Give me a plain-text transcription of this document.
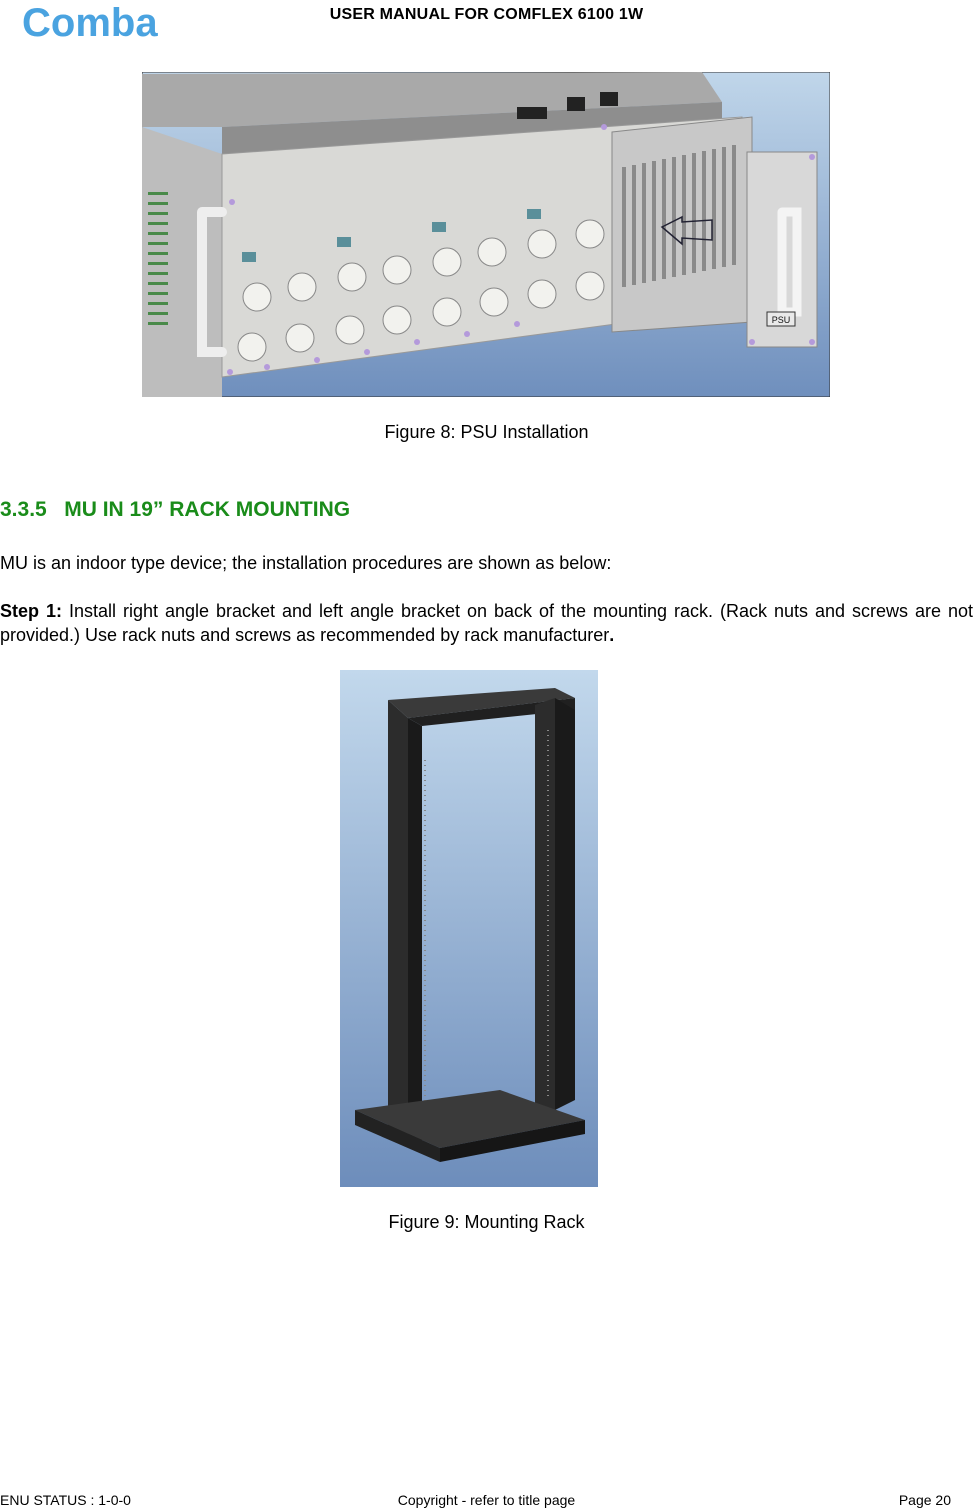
Comba	USER MANUAL FOR COMFLEX 6100 1W
PSU
Figure 8: PSU Installation
3.3.5 MU IN 19” RACK MOUNTING
MU is an indoor type device; the installation procedures are shown as below:
Step 1: Install right angle bracket and left angle bracket on back of the mounting rack. (Rack nuts and screws are not provided.) Use rack nuts and screws as recommended by rack manufacturer.
Figure 9: Mounting Rack
ENU STATUS : 1-0-0	Copyright - refer to title page	Page 20
